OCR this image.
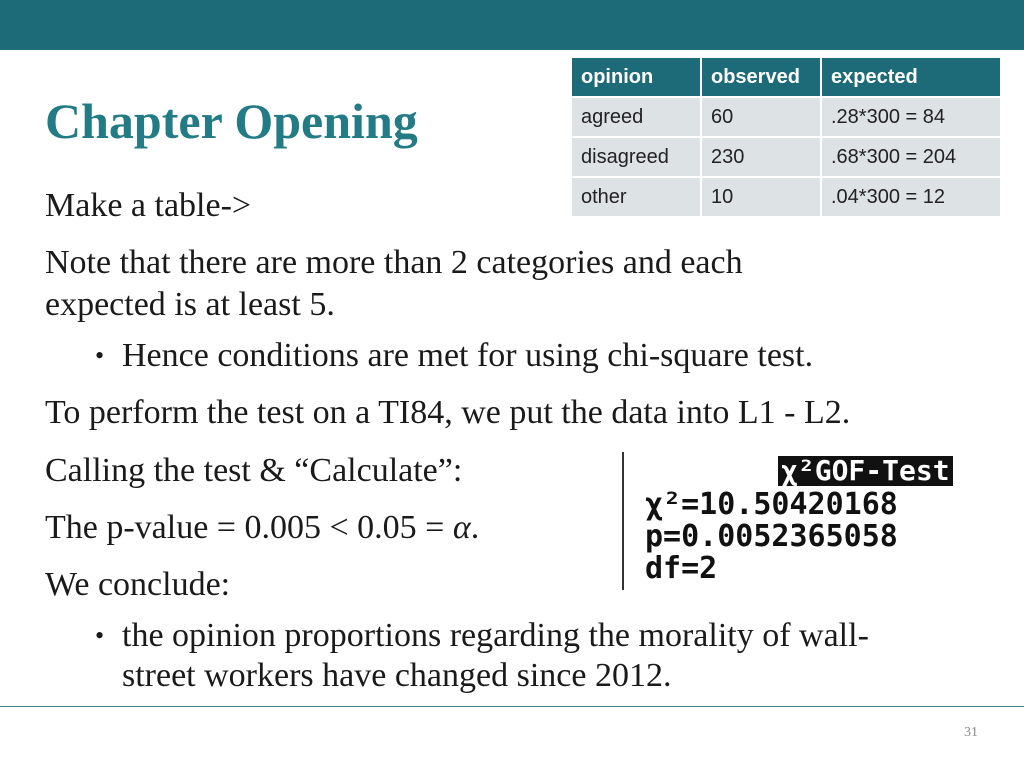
Chapter Opening
opinion	observed	expected
agreed	60	.28*300 = 84
disagreed	230	.68*300 = 204
other	10	.04*300 = 12

Make a table->

Note that there are more than 2 categories and each

expected is at least 5.

• Hence conditions are met for using chi-square test.

To perform the test on a TI84, we put the data into L1 - L2.

Calling the test & “Calculate”:

The p-value = 0.005 < 0.05 = α.

We conclude:

• the opinion proportions regarding the morality of wall-
street workers have changed since 2012.
χ²GOF-Test
χ²=10.50420168
p=0.0052365058
df=2
31
